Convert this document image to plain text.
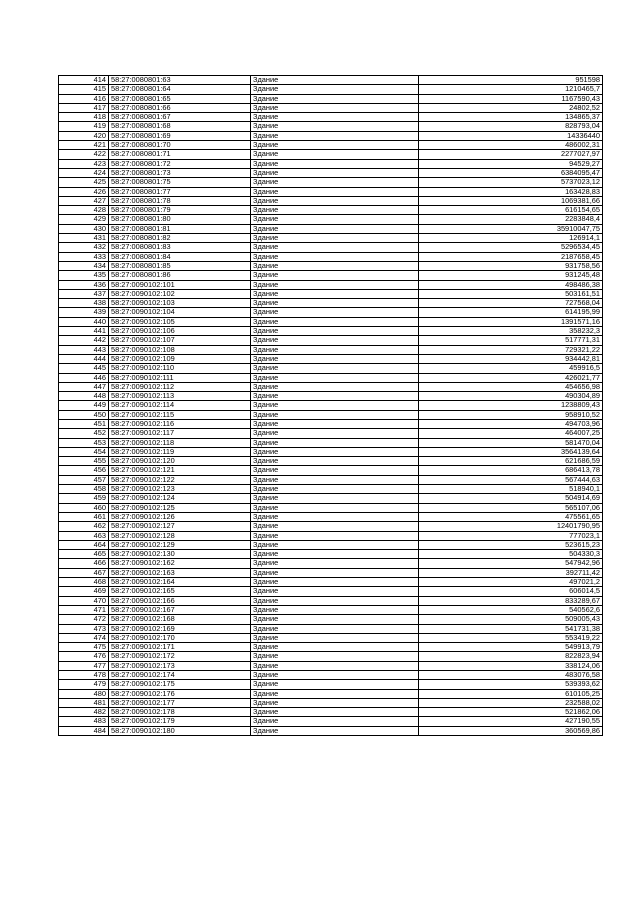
414	58:27:0080801:63	Здание	951598
415	58:27:0080801:64	Здание	1210465,7
416	58:27:0080801:65	Здание	1167590,43
417	58:27:0080801:66	Здание	24802,52
418	58:27:0080801:67	Здание	134865,37
419	58:27:0080801:68	Здание	828793,04
420	58:27:0080801:69	Здание	14336440
421	58:27:0080801:70	Здание	486002,31
422	58:27:0080801:71	Здание	2277027,97
423	58:27:0080801:72	Здание	94529,27
424	58:27:0080801:73	Здание	6384095,47
425	58:27:0080801:75	Здание	5737023,12
426	58:27:0080801:77	Здание	163428,83
427	58:27:0080801:78	Здание	1069381,66
428	58:27:0080801:79	Здание	616154,65
429	58:27:0080801:80	Здание	2283848,4
430	58:27:0080801:81	Здание	35910047,75
431	58:27:0080801:82	Здание	126914,1
432	58:27:0080801:83	Здание	5296534,45
433	58:27:0080801:84	Здание	2187658,45
434	58:27:0080801:85	Здание	931758,56
435	58:27:0080801:86	Здание	931245,48
436	58:27:0090102:101	Здание	498486,38
437	58:27:0090102:102	Здание	503161,51
438	58:27:0090102:103	Здание	727568,04
439	58:27:0090102:104	Здание	614195,99
440	58:27:0090102:105	Здание	1391571,16
441	58:27:0090102:106	Здание	358232,3
442	58:27:0090102:107	Здание	517771,31
443	58:27:0090102:108	Здание	729321,22
444	58:27:0090102:109	Здание	934442,81
445	58:27:0090102:110	Здание	459916,5
446	58:27:0090102:111	Здание	426021,77
447	58:27:0090102:112	Здание	454656,98
448	58:27:0090102:113	Здание	490304,89
449	58:27:0090102:114	Здание	1238809,43
450	58:27:0090102:115	Здание	958910,52
451	58:27:0090102:116	Здание	494703,96
452	58:27:0090102:117	Здание	464007,25
453	58:27:0090102:118	Здание	581470,04
454	58:27:0090102:119	Здание	3564139,64
455	58:27:0090102:120	Здание	621686,59
456	58:27:0090102:121	Здание	686413,78
457	58:27:0090102:122	Здание	567444,63
458	58:27:0090102:123	Здание	518940,1
459	58:27:0090102:124	Здание	504914,69
460	58:27:0090102:125	Здание	565107,06
461	58:27:0090102:126	Здание	475561,65
462	58:27:0090102:127	Здание	12401790,95
463	58:27:0090102:128	Здание	777023,1
464	58:27:0090102:129	Здание	523615,23
465	58:27:0090102:130	Здание	504330,3
466	58:27:0090102:162	Здание	547942,96
467	58:27:0090102:163	Здание	392711,42
468	58:27:0090102:164	Здание	497021,2
469	58:27:0090102:165	Здание	606014,5
470	58:27:0090102:166	Здание	833289,67
471	58:27:0090102:167	Здание	540562,6
472	58:27:0090102:168	Здание	509005,43
473	58:27:0090102:169	Здание	541731,38
474	58:27:0090102:170	Здание	553419,22
475	58:27:0090102:171	Здание	549913,79
476	58:27:0090102:172	Здание	822823,94
477	58:27:0090102:173	Здание	338124,06
478	58:27:0090102:174	Здание	483076,58
479	58:27:0090102:175	Здание	539393,62
480	58:27:0090102:176	Здание	610105,25
481	58:27:0090102:177	Здание	232588,02
482	58:27:0090102:178	Здание	521862,06
483	58:27:0090102:179	Здание	427190,55
484	58:27:0090102:180	Здание	360569,86
